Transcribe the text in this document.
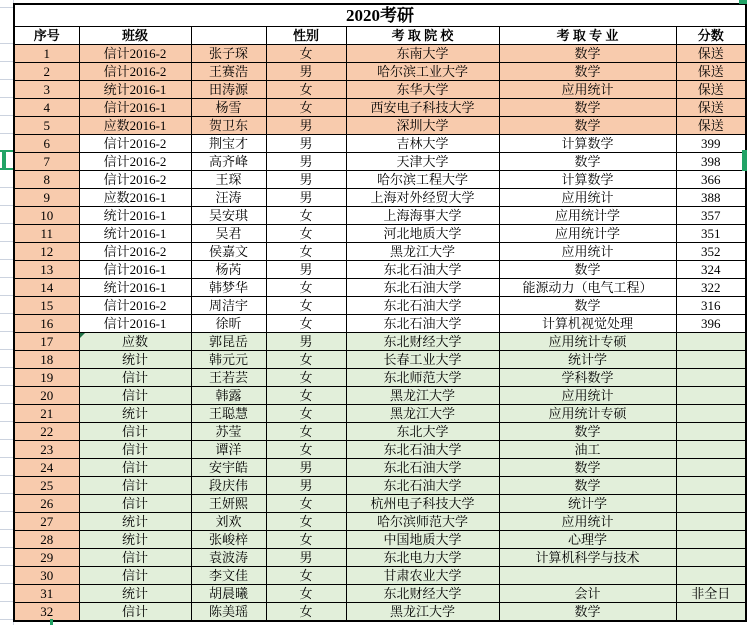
2020考研						
序号	班级		性别	考 取 院 校	考 取 专 业	分数
1	信计2016-2	张子琛	女	东南大学	数学	保送
2	信计2016-2	王赛浩	男	哈尔滨工业大学	数学	保送
3	统计2016-1	田涛源	女	东华大学	应用统计	保送
4	信计2016-1	杨雪	女	西安电子科技大学	数学	保送
5	应数2016-1	贺卫东	男	深圳大学	数学	保送
6	信计2016-2	荆宝才	男	吉林大学	计算数学	399
7	信计2016-2	高齐峰	男	天津大学	数学	398
8	信计2016-2	王琛	男	哈尔滨工程大学	计算数学	366
9	应数2016-1	汪涛	男	上海对外经贸大学	应用统计	388
10	统计2016-1	吴安琪	女	上海海事大学	应用统计学	357
11	统计2016-1	吴君	女	河北地质大学	应用统计学	351
12	信计2016-2	侯嘉文	女	黑龙江大学	应用统计	352
13	信计2016-1	杨芮	男	东北石油大学	数学	324
14	统计2016-1	韩梦华	女	东北石油大学	能源动力（电气工程）	322
15	信计2016-2	周洁宇	女	东北石油大学	数学	316
16	信计2016-1	徐昕	女	东北石油大学	计算机视觉处理	396
17	应数	郭昆岳	男	东北财经大学	应用统计专硕	
18	统计	韩元元	女	长春工业大学	统计学	
19	信计	王若芸	女	东北师范大学	学科数学	
20	信计	韩露	女	黑龙江大学	应用统计	
21	统计	王聪慧	女	黑龙江大学	应用统计专硕	
22	信计	苏莹	女	东北大学	数学	
23	信计	谭洋	女	东北石油大学	油工	
24	信计	安宇皓	男	东北石油大学	数学	
25	信计	段庆伟	男	东北石油大学	数学	
26	信计	王妍熙	女	杭州电子科技大学	统计学	
27	统计	刘欢	女	哈尔滨师范大学	应用统计	
28	统计	张峻梓	女	中国地质大学	心理学	
29	信计	袁波涛	男	东北电力大学	计算机科学与技术	
30	信计	李文佳	女	甘肃农业大学		
31	统计	胡晨曦	女	东北财经大学	会计	非全日
32	信计	陈美瑶	女	黑龙江大学	数学	
